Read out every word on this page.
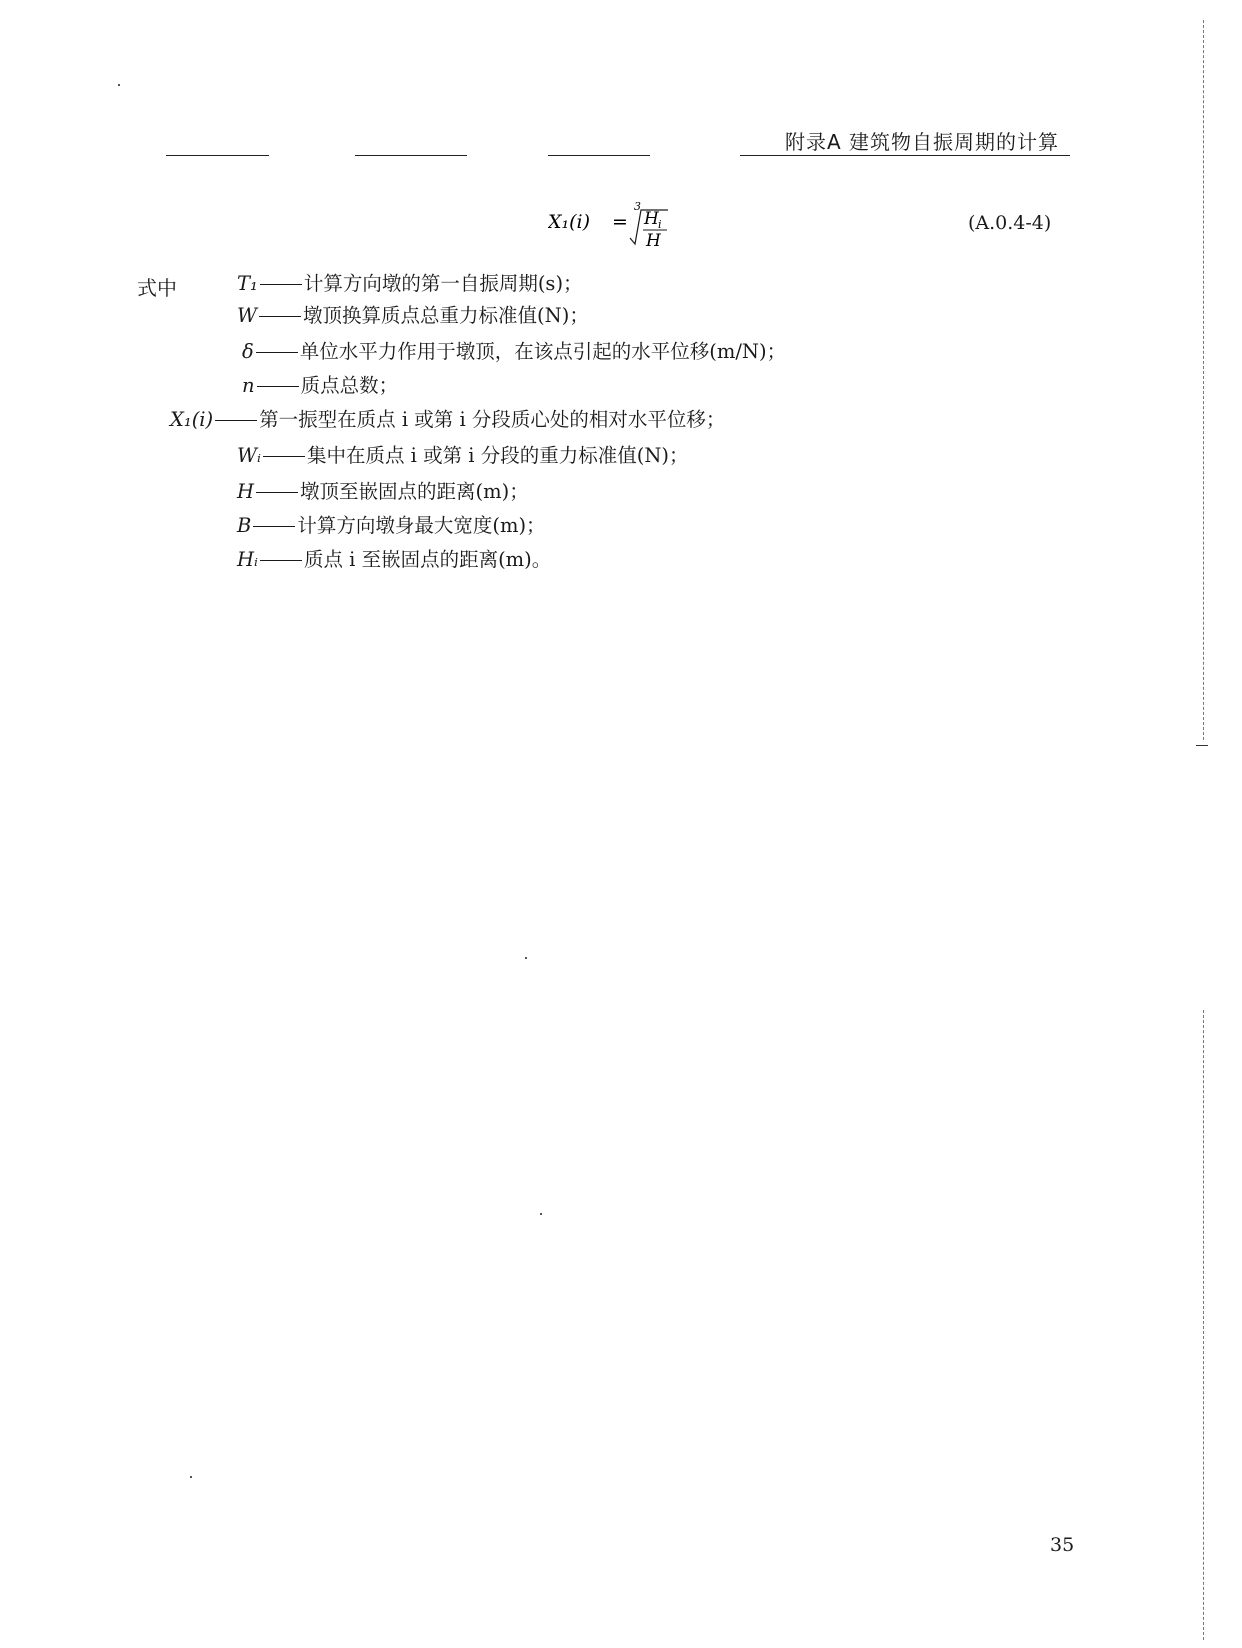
附录A 建筑物自振周期的计算
X₁(i) =
3
H i
H
(A.0.4-4)
式中	T₁ 计算方向墩的第一自振周期(s)；
W 墩顶换算质点总重力标准值(N)；
δ 单位水平力作用于墩顶，在该点引起的水平位移(m/N)；
n 质点总数；
X₁(i) 第一振型在质点 i 或第 i 分段质心处的相对水平位移；
Wᵢ 集中在质点 i 或第 i 分段的重力标准值(N)；
H 墩顶至嵌固点的距离(m)；
B 计算方向墩身最大宽度(m)；
Hᵢ 质点 i 至嵌固点的距离(m)。
35
